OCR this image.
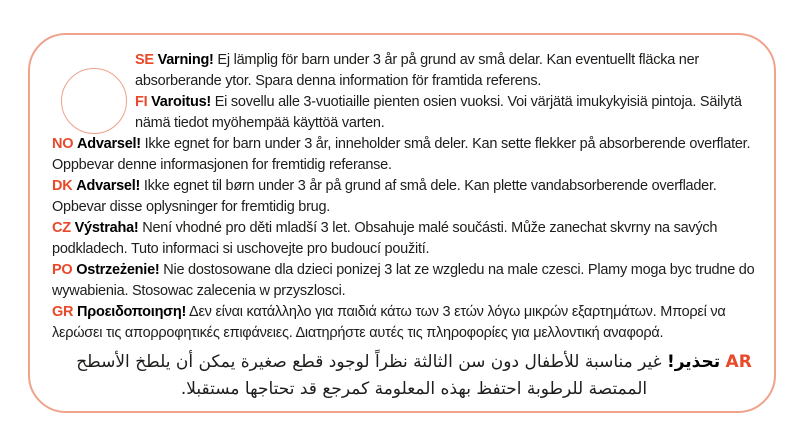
SE Varning! Ej lämplig för barn under 3 år på grund av små delar. Kan eventuellt fläcka ner absorberande ytor. Spara denna information för framtida referens.

FI Varoitus! Ei sovellu alle 3-vuotiaille pienten osien vuoksi. Voi värjätä imukykyisiä pintoja. Säilytä nämä tiedot myöhempää käyttöä varten.

NO Advarsel! Ikke egnet for barn under 3 år, inneholder små deler. Kan sette flekker på absorberende overflater. Oppbevar denne informasjonen for fremtidig referanse.

DK Advarsel! Ikke egnet til børn under 3 år på grund af små dele. Kan plette vandabsorberende overflader. Opbevar disse oplysninger for fremtidig brug.

CZ Výstraha! Není vhodné pro děti mladší 3 let. Obsahuje malé součásti. Může zanechat skvrny na savých podkladech. Tuto informaci si uschovejte pro budoucí použití.

PO Ostrzeżenie! Nie dostosowane dla dzieci ponizej 3 lat ze wzgledu na male czesci. Plamy moga byc trudne do wywabienia. Stosowac zalecenia w przyszlosci.

GR Προειδοποιηση! Δεν είναι κατάλληλο για παιδιά κάτω των 3 ετών λόγω μικρών εξαρτημάτων. Μπορεί να λερώσει τις απορροφητικές επιφάνειες. Διατηρήστε αυτές τις πληροφορίες για μελλοντική αναφορά.

AR تحذير! غير مناسبة للأطفال دون سن الثالثة نظراً لوجود قطع صغيرة يمكن أن يلطخ الأسطح الممتصة للرطوبة احتفظ بهذه المعلومة كمرجع قد تحتاجها مستقبلا.
